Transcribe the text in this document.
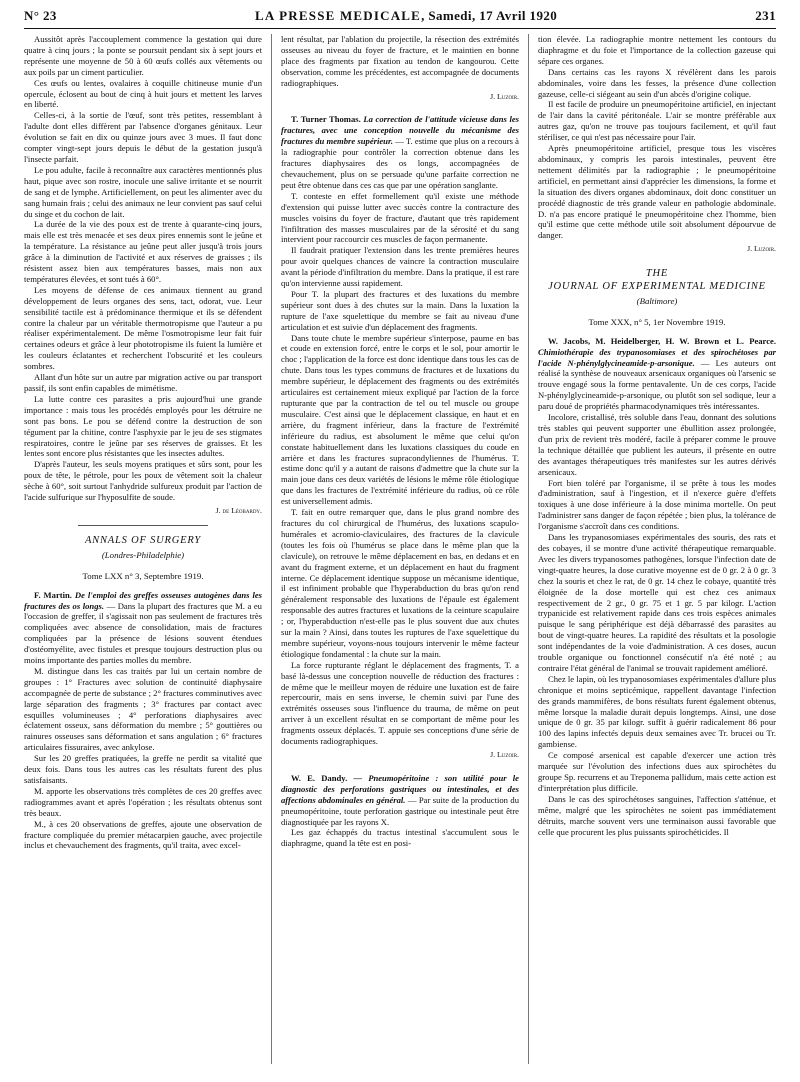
N° 23	LA PRESSE MEDICALE, Samedi, 17 Avril 1920	231

Aussitôt après l'accouplement commence la gestation qui dure quatre à cinq jours ; la ponte se poursuit pendant six à sept jours et représente une moyenne de 50 à 60 œufs collés aux vêtements ou aux poils par un ciment particulier.

Ces œufs ou lentes, ovalaires à coquille chitineuse munie d'un opercule, éclosent au bout de cinq à huit jours et mettent les larves en liberté.

Celles-ci, à la sortie de l'œuf, sont très petites, ressemblant à l'adulte dont elles diffèrent par l'absence d'organes génitaux. Leur évolution se fait en dix ou quinze jours avec 3 mues. Il faut donc compter vingt-sept jours depuis le début de la gestation jusqu'à l'insecte parfait.

Le pou adulte, facile à reconnaître aux caractères mentionnés plus haut, pique avec son rostre, inocule une salive irritante et se nourrit de sang et de lymphe. Artificiellement, on peut les alimenter avec du sang humain frais ; celui des animaux ne leur convient pas sauf celui du singe et du cochon de lait.

La durée de la vie des poux est de trente à quarante-cinq jours, mais elle est très menacée et ses deux pires ennemis sont le jeûne et la température. La résistance au jeûne peut aller jusqu'à trois jours grâce à la diminution de l'activité et aux réserves de graisses ; ils résistent assez bien aux températures basses, mais non aux températures élevées, et sont tués à 60°.

Les moyens de défense de ces animaux tiennent au grand développement de leurs organes des sens, tact, odorat, vue. Leur sensibilité tactile est à prédominance thermique et ils se défendent contre la chaleur par un véritable thermotropisme que l'auteur a pu réaliser expérimentalement. De même l'osmotropisme leur fait fuir certaines odeurs et grâce à leur phototropisme ils fuient la lumière et les couleurs éclatantes et recherchent l'obscurité et les couleurs sombres.

Allant d'un hôte sur un autre par migration active ou par transport passif, ils sont enfin capables de mimétisme.

La lutte contre ces parasites a pris aujourd'hui une grande importance : mais tous les procédés employés pour les détruire ne sont pas bons. Le pou se défend contre la destruction de son tégument par la chitine, contre l'asphyxie par le jeu de ses stigmates respiratoires, contre le jeûne par ses réserves de graisses. Et les lentes sont encore plus résistantes que les insectes adultes.

D'après l'auteur, les seuls moyens pratiques et sûrs sont, pour les poux de tête, le pétrole, pour les poux de vêtement soit la chaleur sèche à 60°, soit surtout l'anhydride sulfureux produit par l'action de l'acide sulfurique sur l'hyposulfite de soude.

J. de Léobardy.
ANNALS OF SURGERY
(Londres-Philadelphie)
Tome LXX n° 3, Septembre 1919.

F. Martin. De l'emploi des greffes osseuses autogènes dans les fractures des os longs. — Dans la plupart des fractures que M. a eu l'occasion de greffer, il s'agissait non pas seulement de fractures très compliquées avec absence de consolidation, mais de fractures compliquées par la présence de lésions souvent étendues d'ostéomyélite, avec fistules et presque toujours destruction plus ou moins importante des parties molles du membre.

M. distingue dans les cas traités par lui un certain nombre de groupes : 1° Fractures avec solution de continuité diaphysaire accompagnée de perte de substance ; 2° fractures comminutives avec large séparation des fragments ; 3° fractures par contact avec esquilles volumineuses ; 4° perforations diaphysaires avec éclatement osseux, sans déformation du membre ; 5° gouttières ou rainures osseuses sans déformation et sans angulation ; 6° fractures articulaires fissuraires, avec ankylose.

Sur les 20 greffes pratiquées, la greffe ne perdit sa vitalité que deux fois. Dans tous les autres cas les résultats furent des plus satisfaisants.

M. apporte les observations très complètes de ces 20 greffes avec radiogrammes avant et après l'opération ; les résultats obtenus sont très beaux.

M., à ces 20 observations de greffes, ajoute une observation de fracture compliquée du premier métacarpien gauche, avec projectile inclus et chevauchement des fragments, qu'il traita, avec excel-

lent résultat, par l'ablation du projectile, la résection des extrémités osseuses au niveau du foyer de fracture, et le maintien en bonne place des fragments par fixation au tendon de kangourou. Cette observation, comme les précédentes, est accompagnée de documents radiographiques.

J. Luzoir.

T. Turner Thomas. La correction de l'attitude vicieuse dans les fractures, avec une conception nouvelle du mécanisme des fractures du membre supérieur. — T. estime que plus on a recours à la radiographie pour contrôler la correction obtenue dans les fractures diaphysaires des os longs, accompagnées de chevauchement, plus on se persuade qu'une parfaite correction ne peut être obtenue dans ces cas que par une opération sanglante.

T. conteste en effet formellement qu'il existe une méthode d'extension qui puisse lutter avec succès contre la contracture des muscles voisins du foyer de fracture, d'autant que très rapidement l'infiltration des masses musculaires par de la sérosité et du sang intervient pour raccourcir ces muscles de façon permanente.

Il faudrait pratiquer l'extension dans les trente premières heures pour avoir quelques chances de vaincre la contraction musculaire avant la période d'infiltration du membre. Dans la pratique, il est rare qu'on intervienne aussi rapidement.

Pour T. la plupart des fractures et des luxations du membre supérieur sont dues à des chutes sur la main. Dans la luxation la rupture de l'axe squelettique du membre se fait au niveau d'une articulation et est suivie d'un déplacement des fragments.

Dans toute chute le membre supérieur s'interpose, paume en bas et coude en extension forcé, entre le corps et le sol, pour amortir le choc ; l'application de la force est donc identique dans tous les cas de chute. Dans tous les types communs de fractures et de luxations du membre supérieur, le déplacement des fragments ou des extrémités articulaires est certainement mieux expliqué par l'action de la force rupturante que par la contraction de tel ou tel muscle ou groupe musculaire. C'est ainsi que le déplacement classique, en haut et en arrière, du fragment inférieur, dans la fracture de l'extrémité inférieure du radius, est absolument le même que celui qu'on constate habituellement dans les luxations classiques du coude en arrière et dans les fractures supracondyliennes de l'humérus. T. estime donc qu'il y a autant de raisons d'admettre que la chute sur la main joue dans ces deux variétés de lésions le même rôle étiologique que dans les fractures de l'extrémité inférieure du radius, où ce rôle est universellement admis.

T. fait en outre remarquer que, dans le plus grand nombre des fractures du col chirurgical de l'humérus, des luxations scapulo-humérales et acromio-claviculaires, des fractures de la clavicule (toutes les fois où l'humérus se place dans le même plan que la clavicule), on retrouve le même déplacement en bas, en dedans et en avant du fragment externe, et un déplacement en haut du fragment interne. Ce déplacement identique suppose un mécanisme identique, il est infiniment probable que l'hyperabduction du bras qu'on rend généralement responsable des luxations de l'épaule est également responsable des autres fractures et luxations de la ceinture scapulaire ; or, l'hyperabduction n'est-elle pas le plus souvent due aux chutes sur la main ? Ainsi, dans toutes les ruptures de l'axe squelettique du membre supérieur, voyons-nous toujours intervenir le même facteur étiologique fondamental : la chute sur la main.

La force rupturante réglant le déplacement des fragments, T. a basé là-dessus une conception nouvelle de réduction des fractures : de même que le meilleur moyen de réduire une luxation est de faire repercourir, mais en sens inverse, le chemin suivi par l'une des extrémités osseuses sous l'influence du trauma, de même on peut arriver à un excellent résultat en se comportant de même pour les fragments osseux déplacés. T. appuie ses conceptions d'une série de documents radiographiques.

J. Luzoir.

W. E. Dandy. — Pneumopéritoine : son utilité pour le diagnostic des perforations gastriques ou intestinales, et des affections abdominales en général. — Par suite de la production du pneumopéritoine, toute perforation gastrique ou intestinale peut être diagnostiquée par les rayons X.

Les gaz échappés du tractus intestinal s'accumulent sous le diaphragme, quand la tête est en posi-

tion élevée. La radiographie montre nettement les contours du diaphragme et du foie et l'importance de la collection gazeuse qui sépare ces organes.

Dans certains cas les rayons X révélèrent dans les parois abdominales, voire dans les fesses, la présence d'une collection gazeuse, celle-ci siégeant au sein d'un abcès d'origine colique.

Il est facile de produire un pneumopéritoine artificiel, en injectant de l'air dans la cavité péritonéale. L'air se montre préférable aux autres gaz, qu'on ne trouve pas toujours facilement, et qu'il faut stériliser, ce qui n'est pas nécessaire pour l'air.

Après pneumopéritoine artificiel, presque tous les viscères abdominaux, y compris les parois intestinales, peuvent être nettement délimités par la radiographie ; le pneumopéritoine artificiel, en permettant ainsi d'apprécier les dimensions, la forme et la situation des divers organes abdominaux, doit donc constituer un procédé diagnostic de très grande valeur en pathologie abdominale. D. n'a pas encore pratiqué le pneumopéritoine chez l'homme, bien qu'il estime que cette méthode utile soit absolument dépourvue de danger.

J. Luzoir.
THE
JOURNAL OF EXPERIMENTAL MEDICINE
(Baltimore)
Tome XXX, n° 5, 1er Novembre 1919.

W. Jacobs, M. Heidelberger, H. W. Brown et L. Pearce. Chimiothérapie des trypanosomiases et des spirochétoses par l'acide N-phénylglycineamide-p-arsonique. — Les auteurs ont réalisé la synthèse de nouveaux arsenicaux organiques où l'arsenic se trouve engagé sous la forme pentavalente. Un de ces corps, l'acide N-phénylglycineamide-p-arsonique, ou plutôt son sel sodique, leur a paru doué de propriétés pharmacodynamiques très intéressantes.

Incolore, cristallisé, très soluble dans l'eau, donnant des solutions très stables qui peuvent supporter une ébullition assez prolongée, d'un prix de revient très modéré, facile à préparer comme le prouve la technique détaillée que publient les auteurs, il présente en outre des avantages thérapeutiques très manifestes sur les autres dérivés arsenicaux.

Fort bien toléré par l'organisme, il se prête à tous les modes d'administration, sauf à l'ingestion, et il n'exerce guère d'effets toxiques à une dose inférieure à la dose minima mortelle. On peut l'administrer sans danger de façon répétée ; bien plus, la tolérance de l'organisme s'accroît dans ces conditions.

Dans les trypanosomiases expérimentales des souris, des rats et des cobayes, il se montre d'une activité thérapeutique remarquable. Avec les divers trypanosomes pathogènes, lorsque l'infection date de vingt-quatre heures, la dose curative moyenne est de 0 gr. 2 à 0 gr. 3 chez la souris et chez le rat, de 0 gr. 14 chez le cobaye, quantité très éloignée de la dose mortelle qui est chez ces animaux respectivement de 2 gr., 0 gr. 75 et 1 gr. 5 par kilogr. L'action trypanicide est relativement rapide dans ces trois espèces animales puisque le sang périphérique est déjà débarrassé des parasites au bout de vingt-quatre heures. La rapidité des résultats et la posologie sont indépendantes de la voie d'administration. A ces doses, aucun trouble organique ou fonctionnel consécutif n'a été noté ; au contraire l'état général de l'animal se trouvait rapidement amélioré.

Chez le lapin, où les trypanosomiases expérimentales d'allure plus chronique et moins septicémique, rappellent davantage l'infection des grands mammifères, de bons résultats furent également obtenus, même lorsque la maladie durait depuis longtemps. Ainsi, une dose unique de 0 gr. 35 par kilogr. suffit à guérir radicalement 86 pour 100 des lapins infectés depuis deux semaines avec Tr. brucei ou Tr. gambiense.

Ce composé arsenical est capable d'exercer une action très marquée sur l'évolution des infections dues aux spirochètes du groupe Sp. recurrens et au Treponema pallidum, mais cette action est d'interprétation plus difficile.

Dans le cas des spirochétoses sanguines, l'affection s'atténue, et même, malgré que les spirochètes ne soient pas immédiatement détruits, marche souvent vers une terminaison aussi favorable que celle que procurent les plus puissants spirochéticides. Il
